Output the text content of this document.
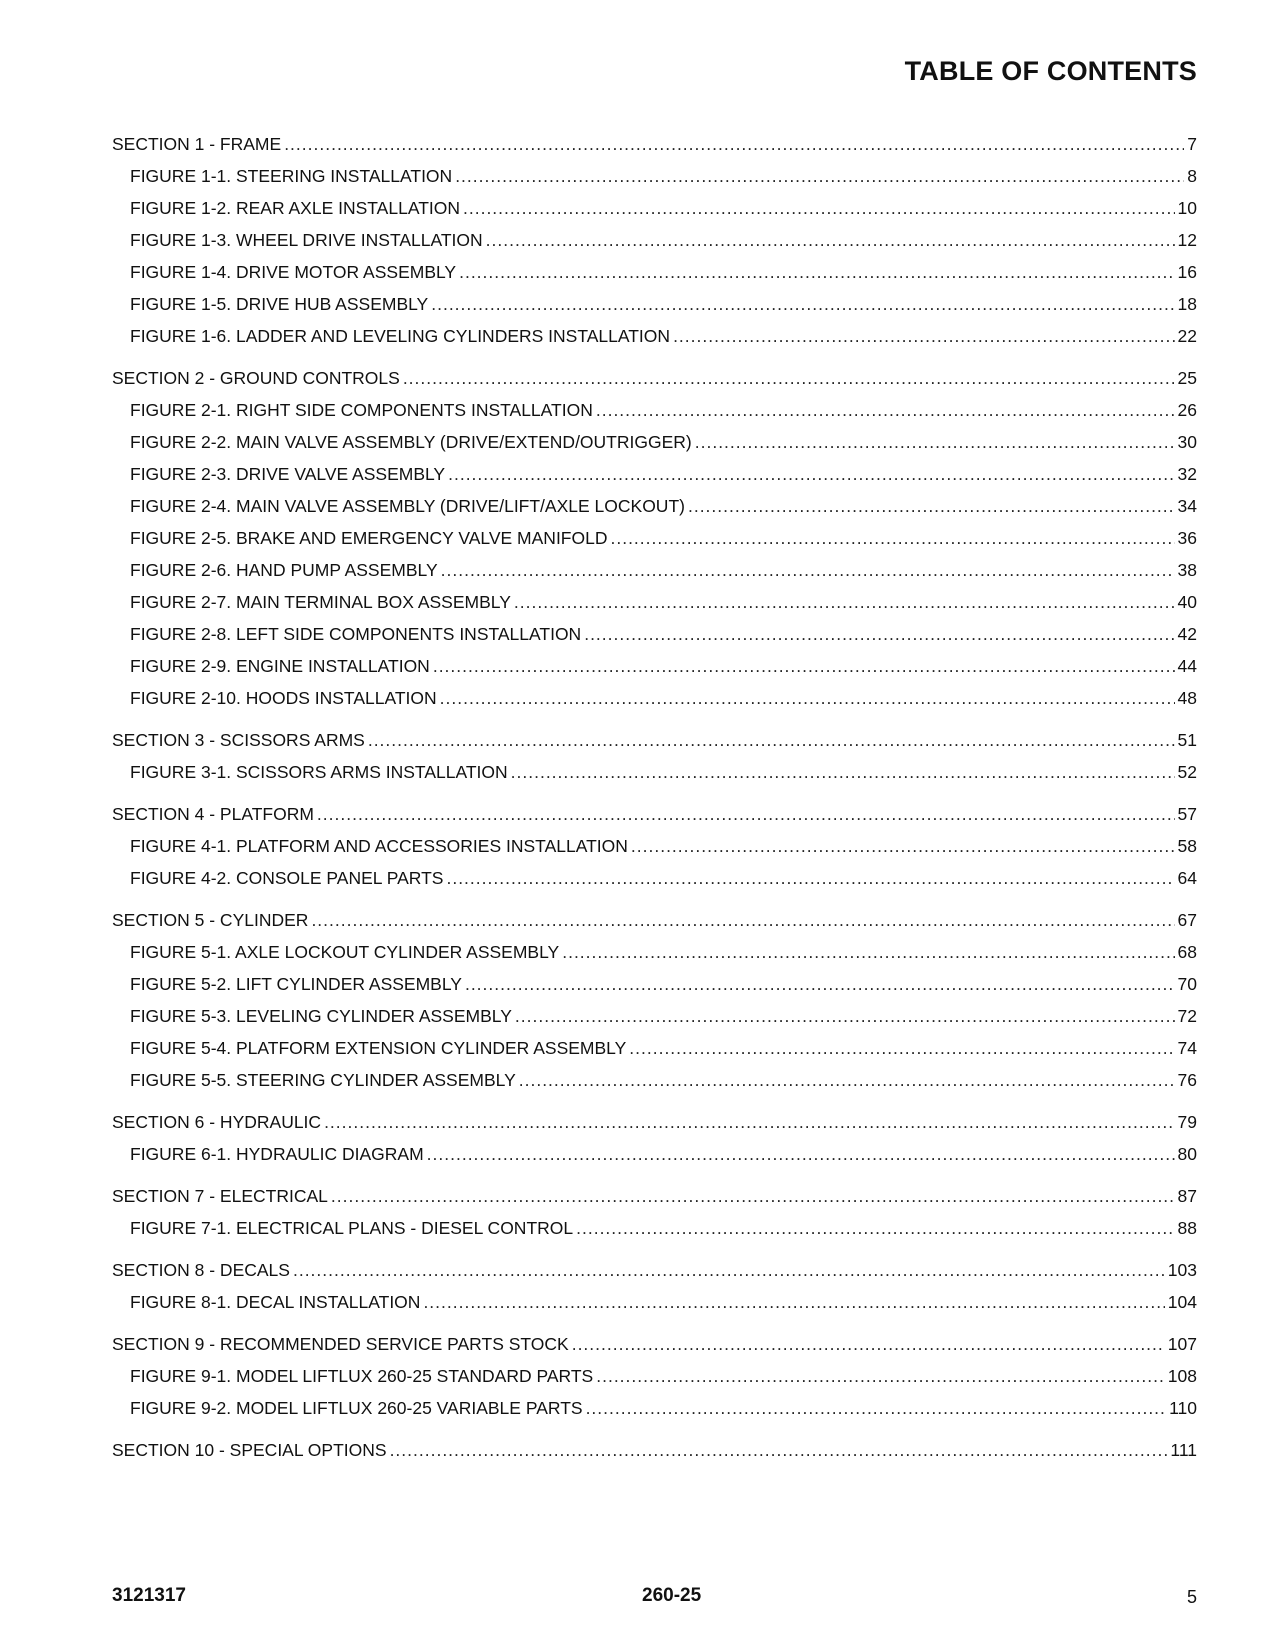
TABLE OF CONTENTS
SECTION 1 - FRAME .....	7
FIGURE 1-1. STEERING INSTALLATION .....	8
FIGURE 1-2. REAR AXLE INSTALLATION .....	10
FIGURE 1-3. WHEEL DRIVE INSTALLATION .....	12
FIGURE 1-4. DRIVE MOTOR ASSEMBLY .....	16
FIGURE 1-5. DRIVE HUB ASSEMBLY .....	18
FIGURE 1-6. LADDER AND LEVELING CYLINDERS INSTALLATION .....	22
SECTION 2 - GROUND CONTROLS .....	25
FIGURE 2-1. RIGHT SIDE COMPONENTS INSTALLATION .....	26
FIGURE 2-2. MAIN VALVE ASSEMBLY (DRIVE/EXTEND/OUTRIGGER) .....	30
FIGURE 2-3. DRIVE VALVE ASSEMBLY .....	32
FIGURE 2-4. MAIN VALVE ASSEMBLY (DRIVE/LIFT/AXLE LOCKOUT) .....	34
FIGURE 2-5. BRAKE AND EMERGENCY VALVE MANIFOLD .....	36
FIGURE 2-6. HAND PUMP ASSEMBLY .....	38
FIGURE 2-7. MAIN TERMINAL BOX ASSEMBLY .....	40
FIGURE 2-8. LEFT SIDE COMPONENTS INSTALLATION .....	42
FIGURE 2-9. ENGINE INSTALLATION .....	44
FIGURE 2-10. HOODS INSTALLATION .....	48
SECTION 3 - SCISSORS ARMS .....	51
FIGURE 3-1. SCISSORS ARMS INSTALLATION .....	52
SECTION 4 - PLATFORM .....	57
FIGURE 4-1. PLATFORM AND ACCESSORIES INSTALLATION .....	58
FIGURE 4-2. CONSOLE PANEL PARTS .....	64
SECTION 5 - CYLINDER .....	67
FIGURE 5-1. AXLE LOCKOUT CYLINDER ASSEMBLY .....	68
FIGURE 5-2. LIFT CYLINDER ASSEMBLY .....	70
FIGURE 5-3. LEVELING CYLINDER ASSEMBLY .....	72
FIGURE 5-4. PLATFORM EXTENSION CYLINDER ASSEMBLY .....	74
FIGURE 5-5. STEERING CYLINDER ASSEMBLY .....	76
SECTION 6 - HYDRAULIC .....	79
FIGURE 6-1. HYDRAULIC DIAGRAM .....	80
SECTION 7 - ELECTRICAL .....	87
FIGURE 7-1. ELECTRICAL PLANS - DIESEL CONTROL .....	88
SECTION 8 - DECALS .....	103
FIGURE 8-1. DECAL INSTALLATION .....	104
SECTION 9 - RECOMMENDED SERVICE PARTS STOCK .....	107
FIGURE 9-1. MODEL LIFTLUX 260-25 STANDARD PARTS .....	108
FIGURE 9-2. MODEL LIFTLUX 260-25 VARIABLE PARTS .....	110
SECTION 10 - SPECIAL OPTIONS .....	111
3121317	260-25	5
